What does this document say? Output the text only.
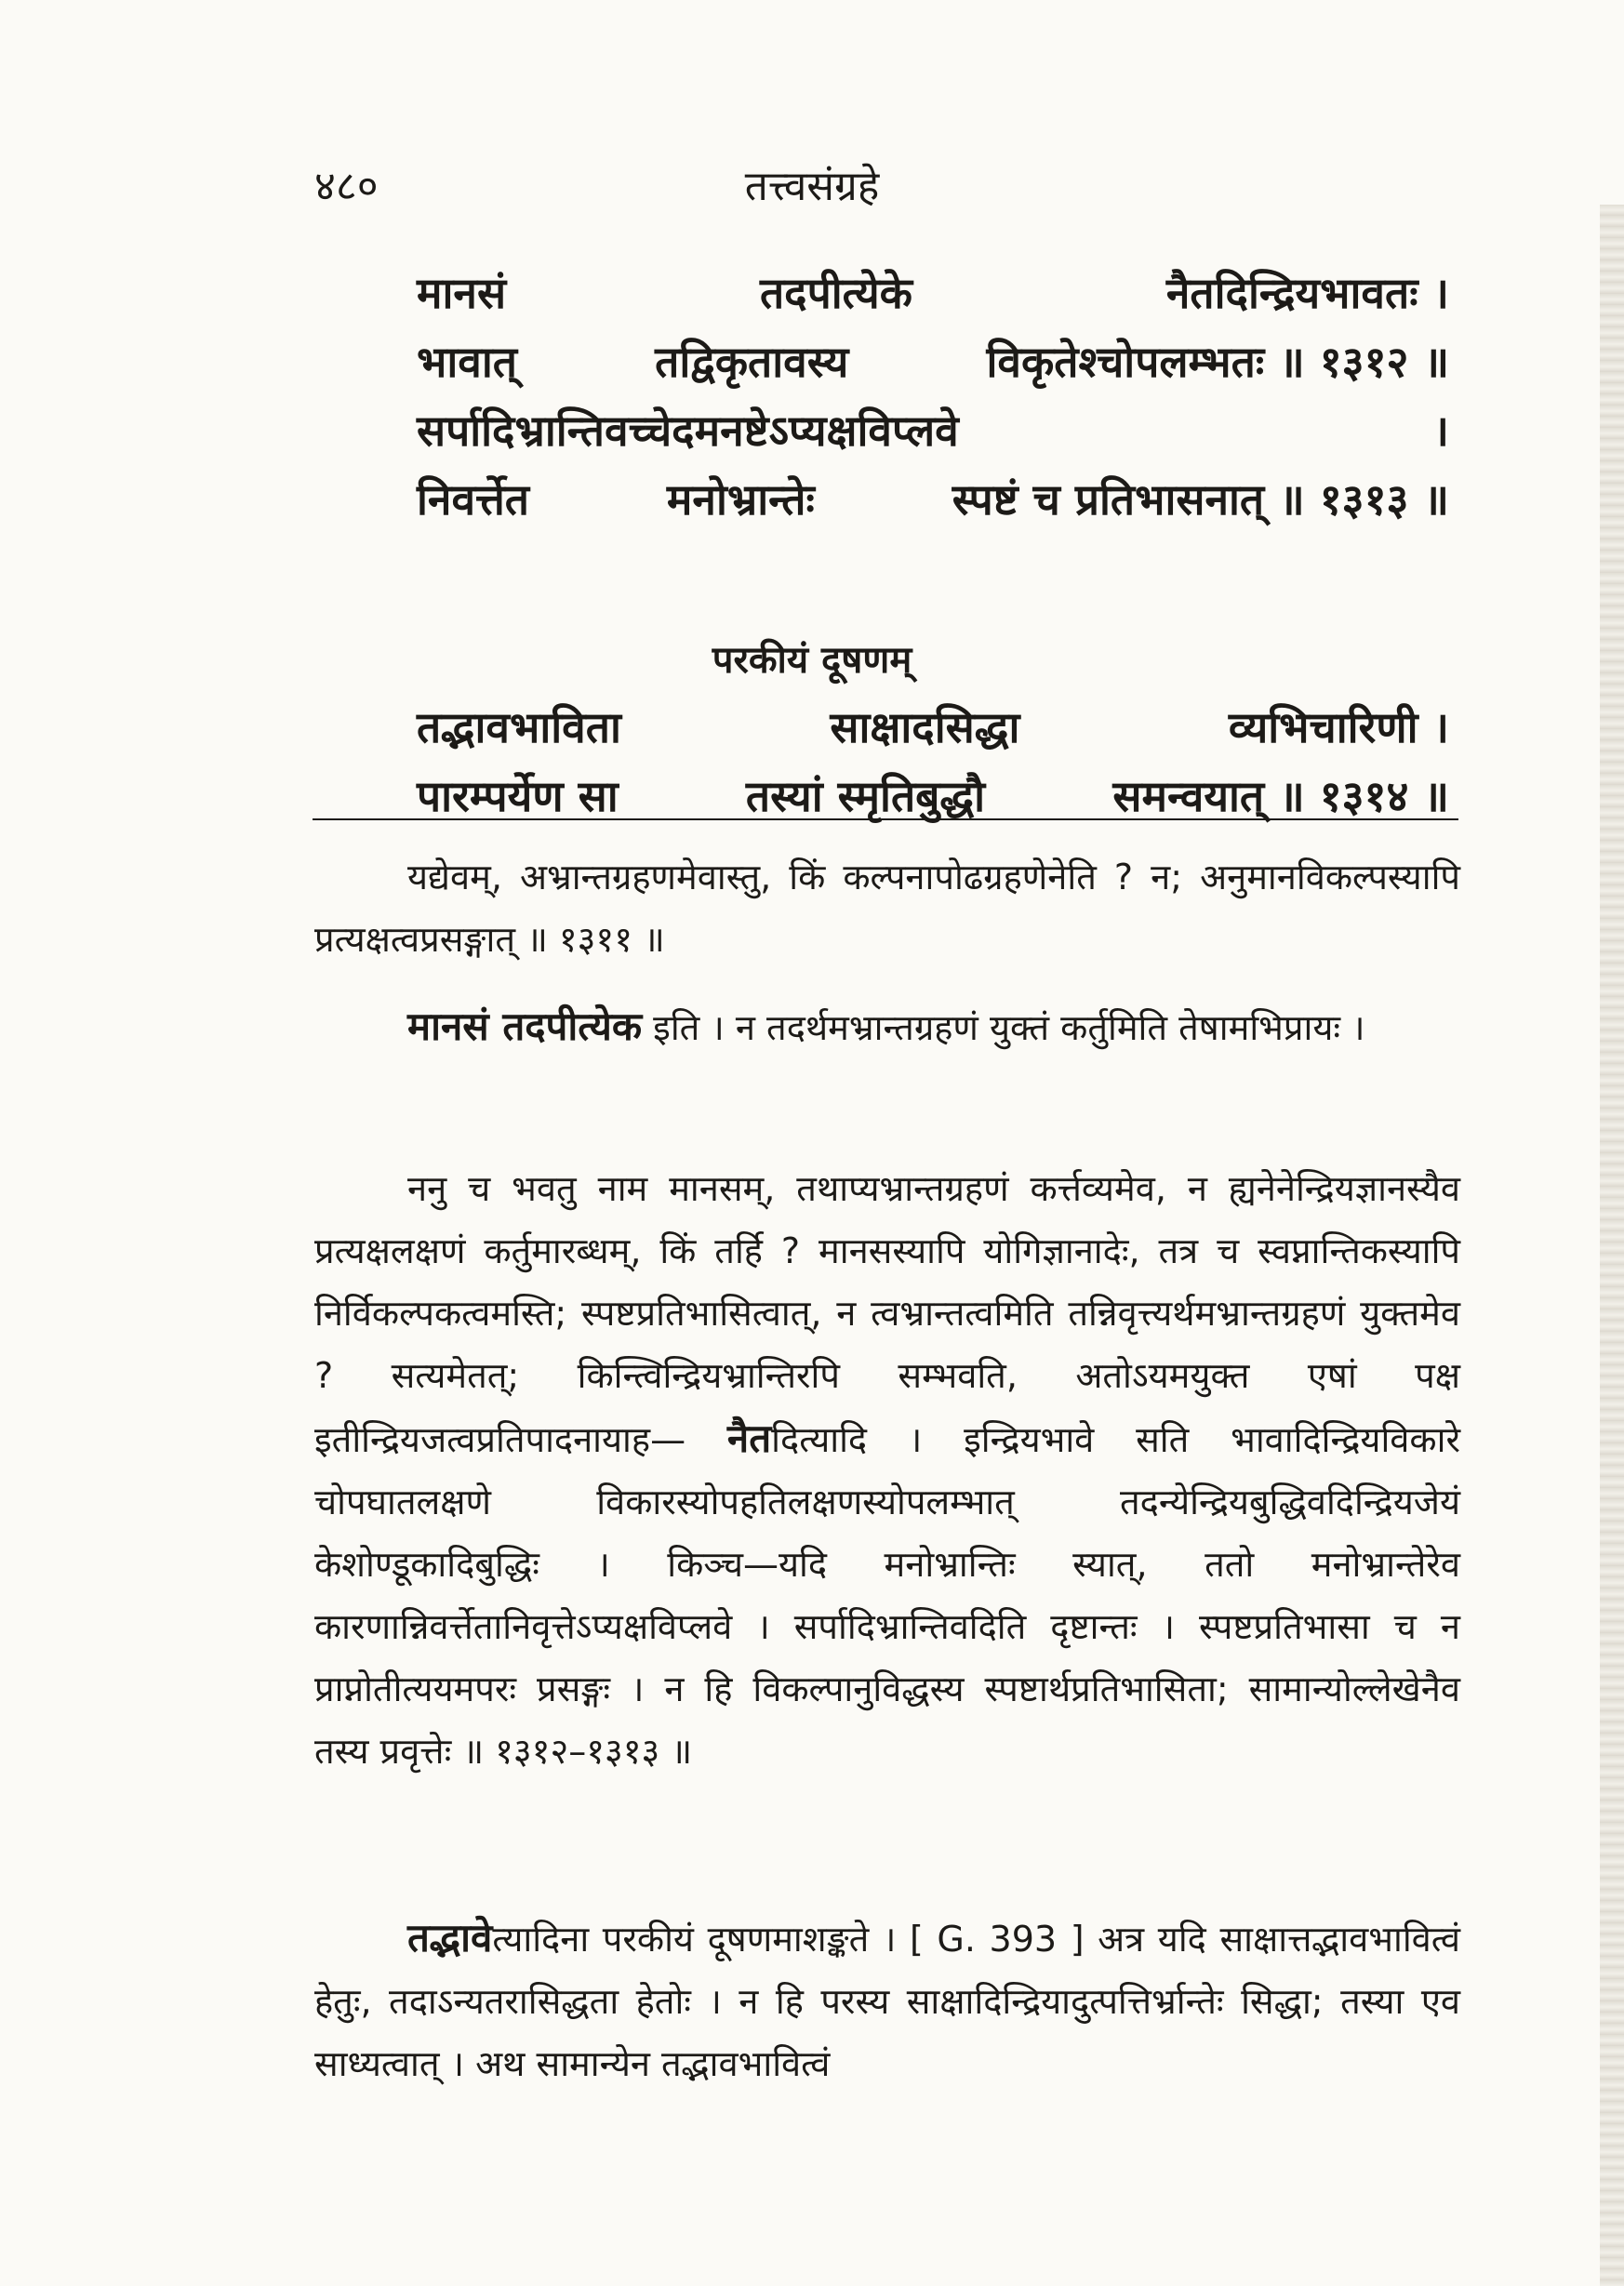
४८०	तत्त्वसंग्रहे
मानसं	तदपीत्येके	नैतदिन्द्रियभावतः ।
भावात्	तद्विकृतावस्य	विकृतेश्चोपलम्भतः ॥ १३१२ ॥
सर्पादिभ्रान्तिवच्चेदमनष्टेऽप्यक्षविप्लवे	।
निवर्त्तेत	मनोभ्रान्तेः	स्पष्टं च प्रतिभासनात् ॥ १३१३ ॥
परकीयं दूषणम्
तद्भावभाविता	साक्षादसिद्धा	व्यभिचारिणी ।
पारम्पर्येण सा	तस्यां स्मृतिबुद्धौ	समन्वयात् ॥ १३१४ ॥

यद्येवम्, अभ्रान्तग्रहणमेवास्तु, किं कल्पनापोढग्रहणेनेति ? न; अनुमानविकल्पस्यापि प्रत्यक्षत्वप्रसङ्गात् ॥ १३११ ॥

मानसं तदपीत्येक इति । न तदर्थमभ्रान्तग्रहणं युक्तं कर्तुमिति तेषामभिप्रायः ।

ननु च भवतु नाम मानसम्, तथाप्यभ्रान्तग्रहणं कर्त्तव्यमेव, न ह्यनेनेन्द्रियज्ञानस्यैव प्रत्यक्षलक्षणं कर्तुमारब्धम्, किं तर्हि ? मानसस्यापि योगिज्ञानादेः, तत्र च स्वप्नान्तिकस्यापि निर्विकल्पकत्वमस्ति; स्पष्टप्रतिभासित्वात्, न त्वभ्रान्तत्वमिति तन्निवृत्त्यर्थमभ्रान्तग्रहणं युक्तमेव ? सत्यमेतत्; किन्त्विन्द्रियभ्रान्तिरपि सम्भवति, अतोऽयमयुक्त एषां पक्ष इतीन्द्रियजत्वप्रतिपादनायाह— नैतदित्यादि । इन्द्रियभावे सति भावादिन्द्रियविकारे चोपघातलक्षणे विकारस्योपहतिलक्षणस्योपलम्भात् तदन्येन्द्रियबुद्धिवदिन्द्रियजेयं केशोण्डूकादिबुद्धिः । किञ्च—यदि मनोभ्रान्तिः स्यात्, ततो मनोभ्रान्तेरेव कारणान्निवर्त्तेतानिवृत्तेऽप्यक्षविप्लवे । सर्पादिभ्रान्तिवदिति दृष्टान्तः । स्पष्टप्रतिभासा च न प्राप्नोतीत्ययमपरः प्रसङ्गः । न हि विकल्पानुविद्धस्य स्पष्टार्थप्रतिभासिता; सामान्योल्लेखेनैव तस्य प्रवृत्तेः ॥ १३१२–१३१३ ॥

तद्भावेत्यादिना परकीयं दूषणमाशङ्कते । [ G. 393 ] अत्र यदि साक्षात्तद्भावभावित्वं हेतुः, तदाऽन्यतरासिद्धता हेतोः । न हि परस्य साक्षादिन्द्रियादुत्पत्तिर्भ्रान्तेः सिद्धा; तस्या एव साध्यत्वात् । अथ सामान्येन तद्भावभावित्वं
